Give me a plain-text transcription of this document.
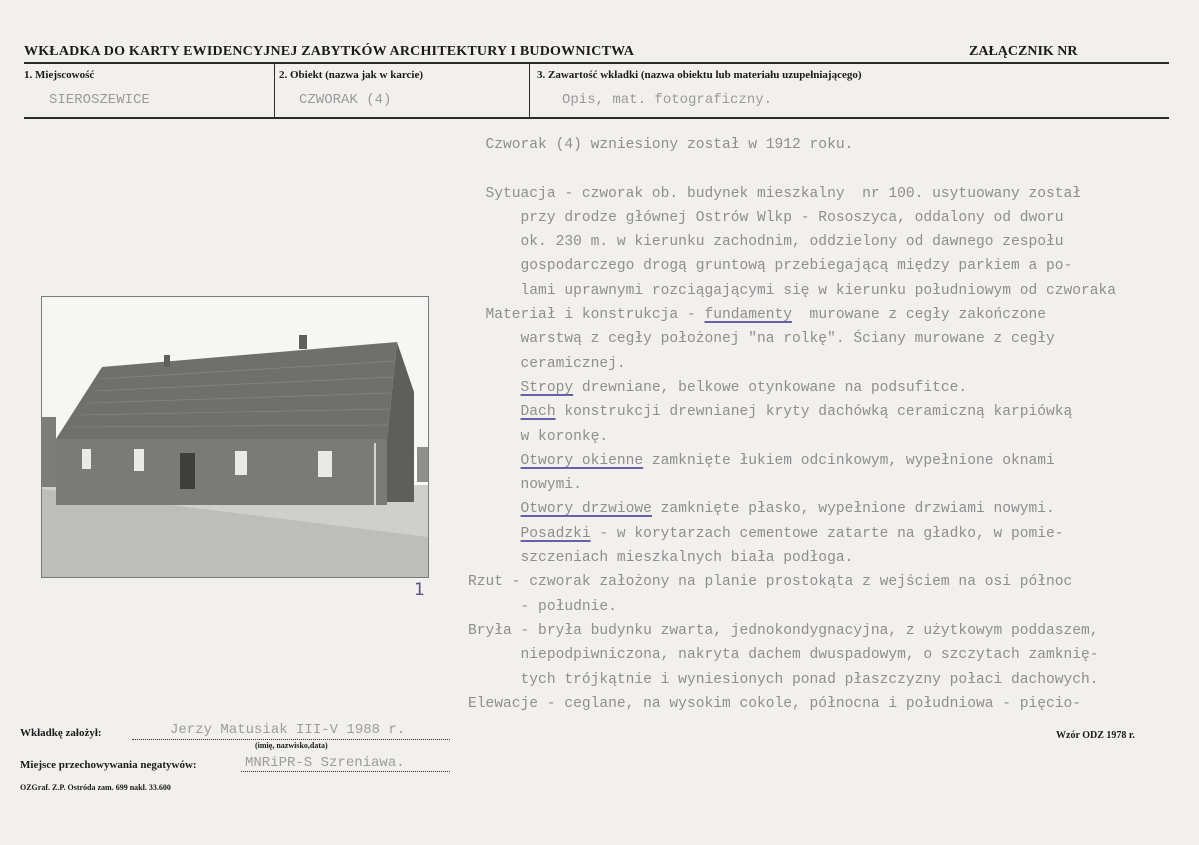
WKŁADKA DO KARTY EWIDENCYJNEJ ZABYTKÓW ARCHITEKTURY I BUDOWNICTWA	ZAŁĄCZNIK NR
1. Miejscowość	2. Obiekt (nazwa jak w karcie)	3. Zawartość wkładki (nazwa obiektu lub materiału uzupełniającego)
SIEROSZEWICE	CZWORAK (4)	Opis, mat. fotograficzny.
1
Czworak (4) wzniesiony został w 1912 roku.

Sytuacja - czworak ob. budynek mieszkalny  nr 100. usytuowany został
przy drodze głównej Ostrów Wlkp - Rososzyca, oddalony od dworu
ok. 230 m. w kierunku zachodnim, oddzielony od dawnego zespołu
gospodarczego drogą gruntową przebiegającą między parkiem a po-
lami uprawnymi rozciągającymi się w kierunku południowym od czworaka
Materiał i konstrukcja - fundamenty  murowane z cegły zakończone
warstwą z cegły położonej "na rolkę". Ściany murowane z cegły
ceramicznej.
Stropy drewniane, belkowe otynkowane na podsufitce.
Dach konstrukcji drewnianej kryty dachówką ceramiczną karpiówką
w koronkę.
Otwory okienne zamknięte łukiem odcinkowym, wypełnione oknami
nowymi.
Otwory drzwiowe zamknięte płasko, wypełnione drzwiami nowymi.
Posadzki - w korytarzach cementowe zatarte na gładko, w pomie-
szczeniach mieszkalnych biała podłoga.
Rzut - czworak założony na planie prostokąta z wejściem na osi północ
- południe.
Bryła - bryła budynku zwarta, jednokondygnacyjna, z użytkowym poddaszem,
niepodpiwniczona, nakryta dachem dwuspadowym, o szczytach zamknię-
tych trójkątnie i wyniesionych ponad płaszczyzny połaci dachowych.
Elewacje - ceglane, na wysokim cokole, północna i południowa - pięcio-
Wkładkę założył:	Jerzy Matusiak III-V 1988 r.
(imię, nazwisko,data)
Miejsce przechowywania negatywów:	MNRiPR-S Szreniawa.
OZGraf. Z.P. Ostróda zam. 699 nakł. 33.600
Wzór ODZ 1978 r.
